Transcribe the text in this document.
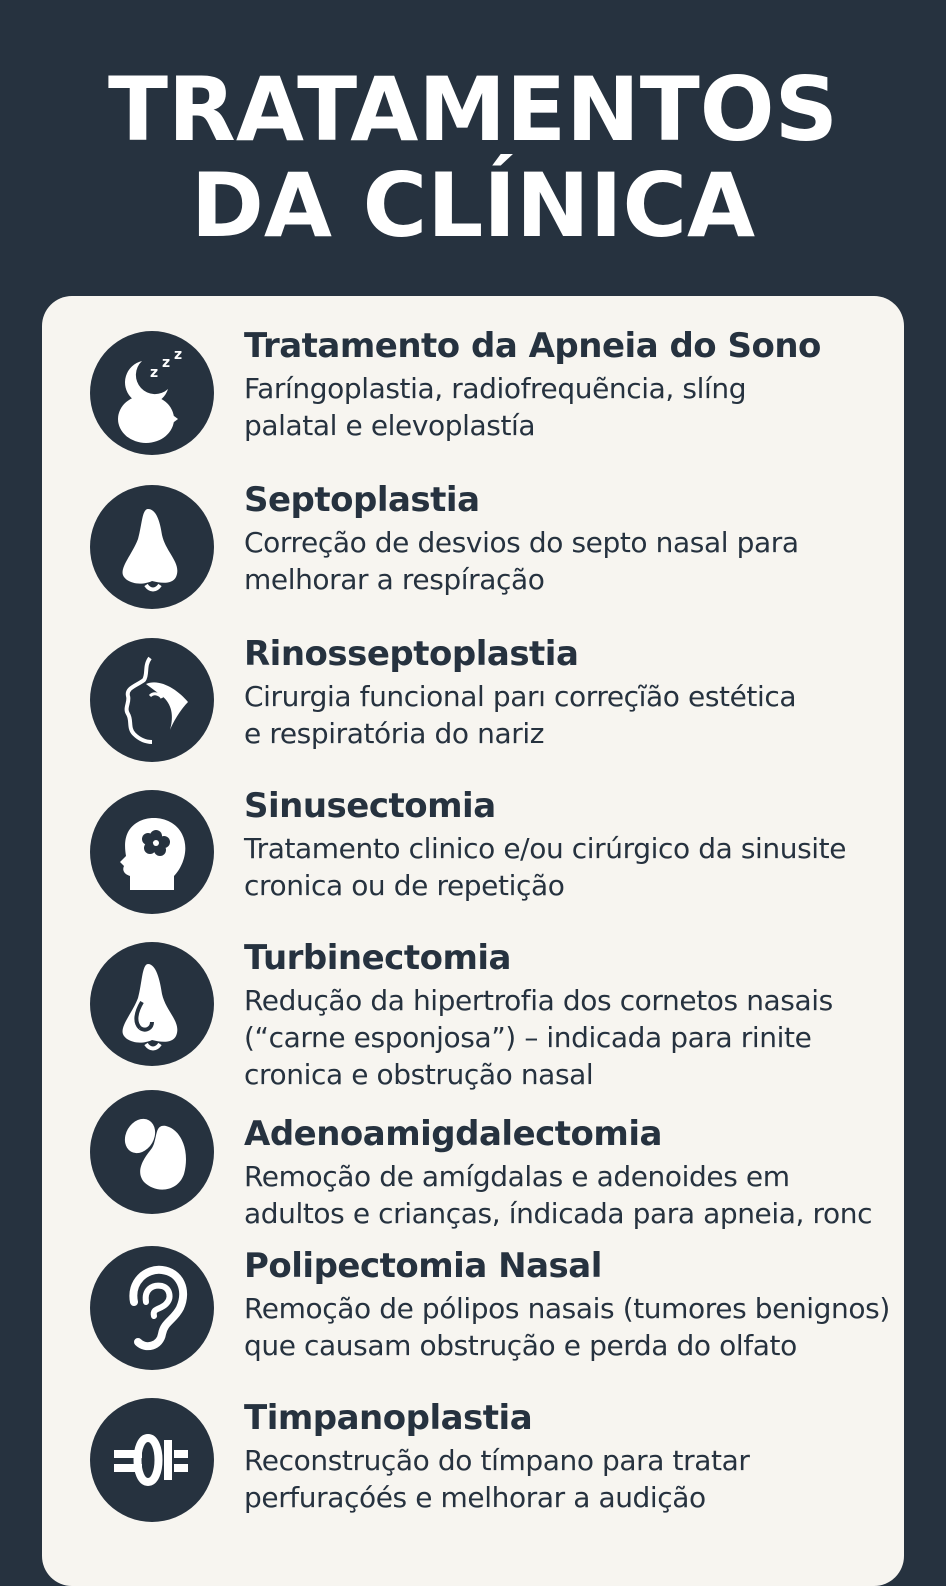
TRATAMENTOS
DA CLÍNICA
z
z z Tratamento da Apneia do Sono
Faríngoplastia, radiofrequẽncia, slíng
palatal e elevoplastía
Septoplastia
Correção de desvios do septo nasal para
melhorar a respíração
Rinosseptoplastia
Cirurgia funcional parı correçĩão estética
e respiratória do nariz
Sinusectomia
Tratamento clinico e/ou cirúrgico da sinusite
cronica ou de repetição
Turbinectomia
Redução da hipertrofia dos cornetos nasais
(“carne esponjosa”) – indicada para rinite
cronica e obstrução nasal
Adenoamigdalectomia
Remoção de amígdalas e adenoides em
adultos e crianças, índicada para apneia, ronc
Polipectomia Nasal
Remoção de pólipos nasais (tumores benignos)
que causam obstrução e perda do olfato
Timpanoplastia
Reconstrução do tímpano para tratar
perfuraçóés e melhorar a audição
